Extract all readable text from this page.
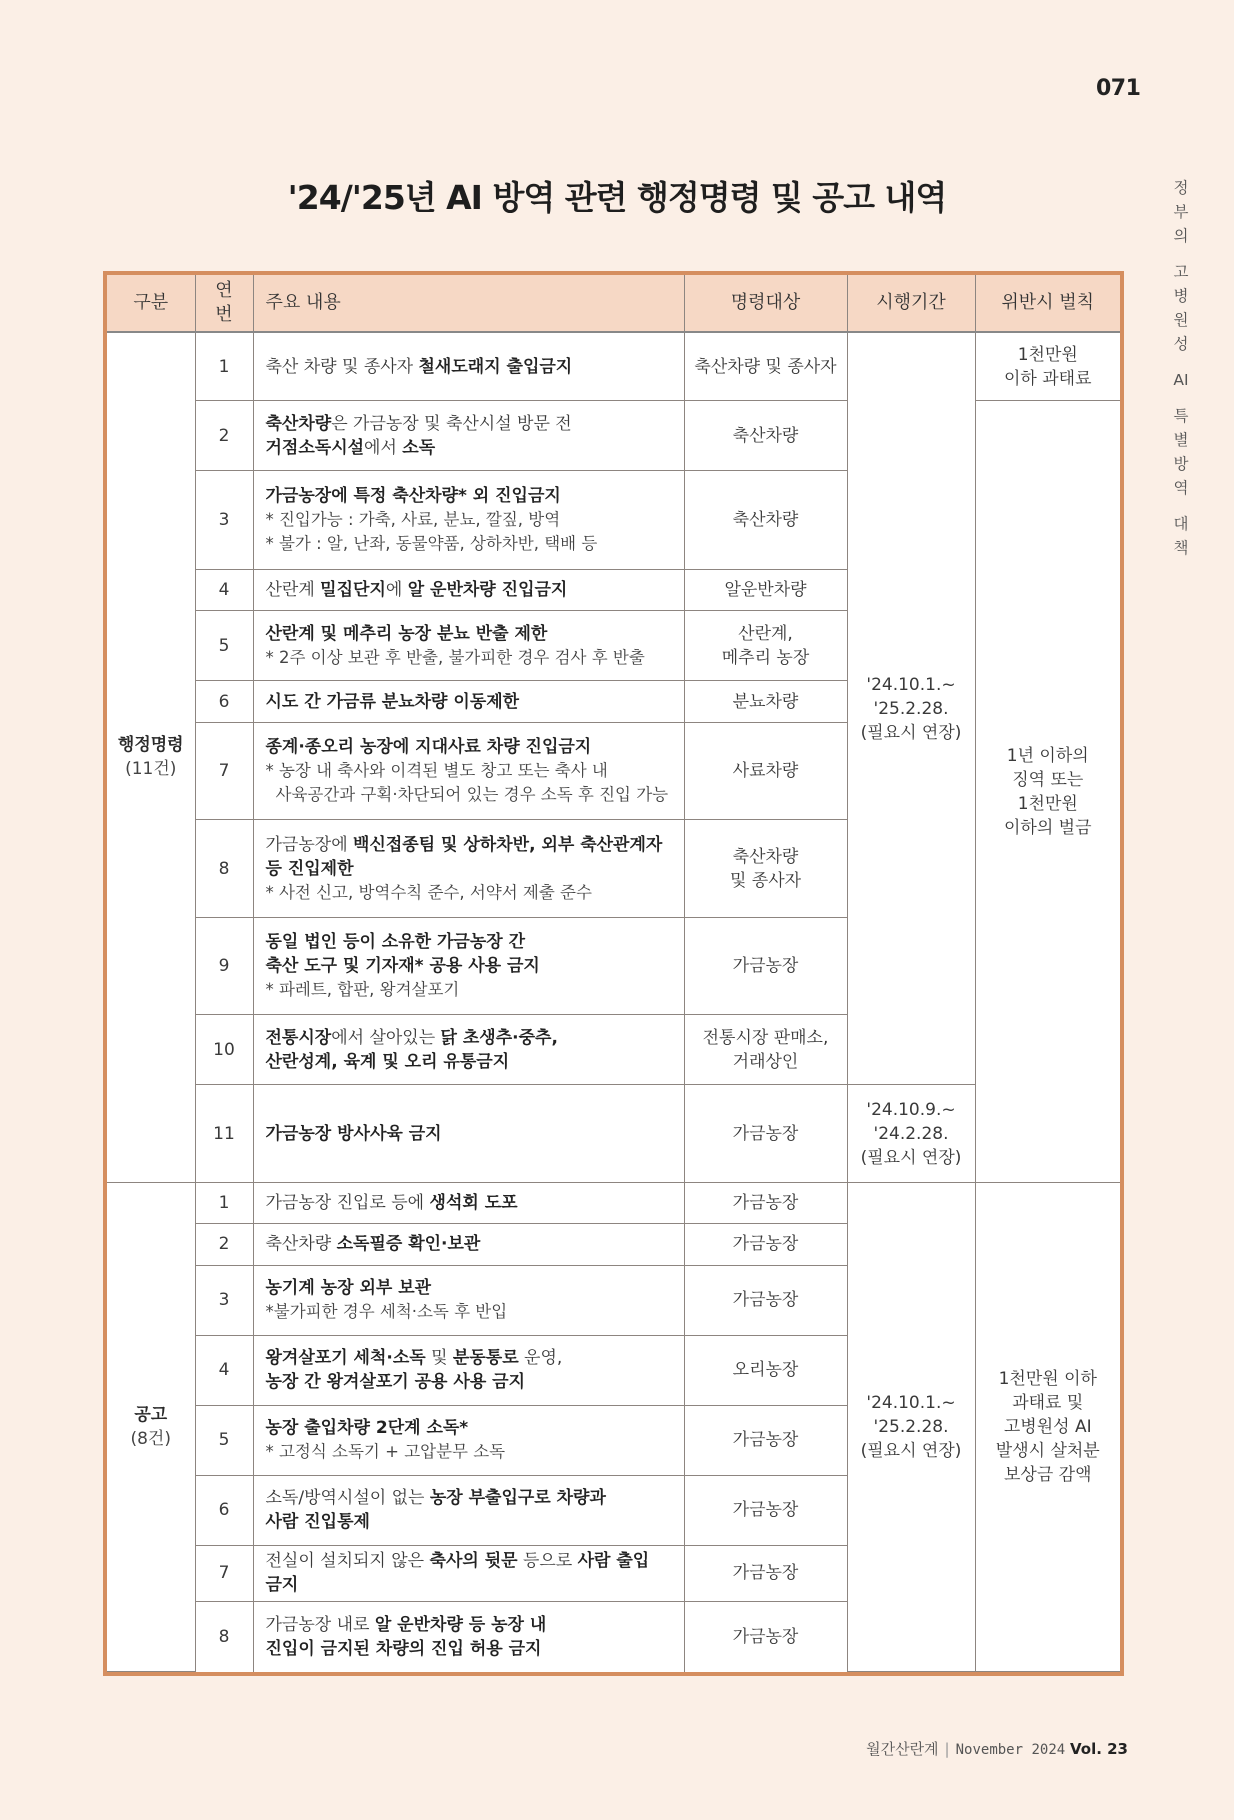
071
정
부
의
고
병
원
성
AI
특
별
방
역
대
책
'24/'25년 AI 방역 관련 행정명령 및 공고 내역
구분	연번	주요 내용	명령대상	시행기간	위반시 벌칙

행정명령
(11건)	1	축산 차량 및 종사자 철새도래지 출입금지	축산차량 및 종사자	'24.10.1.~
'25.2.28.
(필요시 연장)	1천만원
이하 과태료

	2	축산차량은 가금농장 및 축산시설 방문 전
거점소독시설에서 소독	축산차량		1년 이하의
징역 또는
1천만원
이하의 벌금

	3	가금농장에 특정 축산차량* 외 진입금지
* 진입가능 : 가축, 사료, 분뇨, 깔짚, 방역
* 불가 : 알, 난좌, 동물약품, 상하차반, 택배 등	축산차량		

	4	산란계 밀집단지에 알 운반차량 진입금지	알운반차량		

	5	산란계 및 메추리 농장 분뇨 반출 제한
* 2주 이상 보관 후 반출, 불가피한 경우 검사 후 반출	산란계,
메추리 농장		

	6	시도 간 가금류 분뇨차량 이동제한	분뇨차량		

	7	종계·종오리 농장에 지대사료 차량 진입금지
* 농장 내 축사와 이격된 별도 창고 또는 축사 내
사육공간과 구획·차단되어 있는 경우 소독 후 진입 가능	사료차량		

	8	가금농장에 백신접종팀 및 상하차반, 외부 축산관계자 등 진입제한
* 사전 신고, 방역수칙 준수, 서약서 제출 준수	축산차량
및 종사자		

	9	동일 법인 등이 소유한 가금농장 간
축산 도구 및 기자재* 공용 사용 금지
* 파레트, 합판, 왕겨살포기	가금농장		

	10	전통시장에서 살아있는 닭 초생추·중추,
산란성계, 육계 및 오리 유통금지	전통시장 판매소,
거래상인		

	11	가금농장 방사사육 금지	가금농장	'24.10.9.~
'24.2.28.
(필요시 연장)	

공고
(8건)	1	가금농장 진입로 등에 생석회 도포	가금농장	'24.10.1.~
'25.2.28.
(필요시 연장)	1천만원 이하
과태료 및
고병원성 AI
발생시 살처분
보상금 감액

	2	축산차량 소독필증 확인·보관	가금농장		

	3	농기계 농장 외부 보관
*불가피한 경우 세척·소독 후 반입	가금농장		

	4	왕겨살포기 세척·소독 및 분동통로 운영,
농장 간 왕겨살포기 공용 사용 금지	오리농장		

	5	농장 출입차량 2단계 소독*
* 고정식 소독기 + 고압분무 소독	가금농장		

	6	소독/방역시설이 없는 농장 부출입구로 차량과
사람 진입통제	가금농장		

	7	전실이 설치되지 않은 축사의 뒷문 등으로 사람 출입 금지	가금농장		

	8	가금농장 내로 알 운반차량 등 농장 내
진입이 금지된 차량의 진입 허용 금지	가금농장		
월간산란계 | November 2024 Vol. 23
